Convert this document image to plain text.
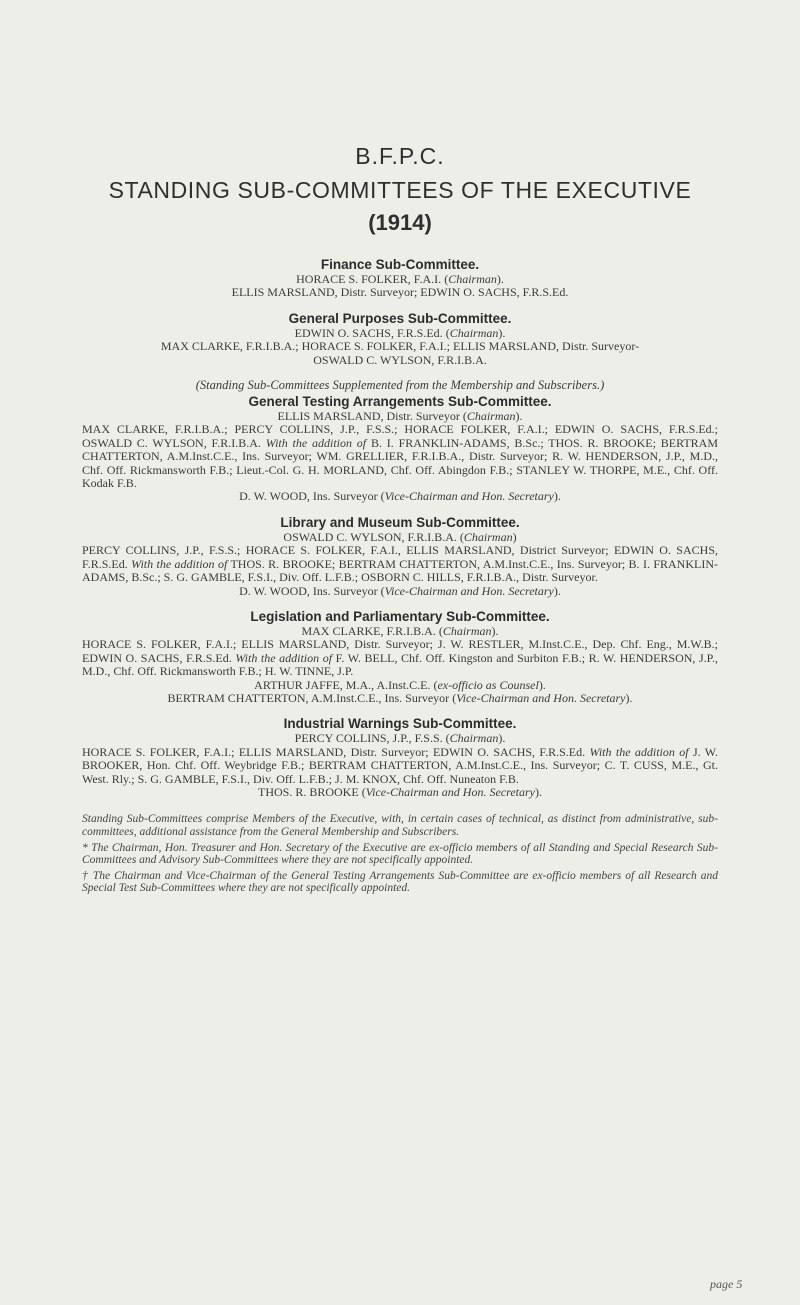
B.F.P.C.
STANDING SUB-COMMITTEES OF THE EXECUTIVE
(1914)
Finance Sub-Committee.
HORACE S. FOLKER, F.A.I. (Chairman).
ELLIS MARSLAND, Distr. Surveyor; EDWIN O. SACHS, F.R.S.Ed.
General Purposes Sub-Committee.
EDWIN O. SACHS, F.R.S.Ed. (Chairman).
MAX CLARKE, F.R.I.B.A.; HORACE S. FOLKER, F.A.I.; ELLIS MARSLAND, Distr. Surveyor-
OSWALD C. WYLSON, F.R.I.B.A.
(Standing Sub-Committees Supplemented from the Membership and Subscribers.)
General Testing Arrangements Sub-Committee.
ELLIS MARSLAND, Distr. Surveyor (Chairman).
MAX CLARKE, F.R.I.B.A.; PERCY COLLINS, J.P., F.S.S.; HORACE FOLKER, F.A.I.; EDWIN O. SACHS, F.R.S.Ed.; OSWALD C. WYLSON, F.R.I.B.A. With the addition of B. I. FRANKLIN-ADAMS, B.Sc.; THOS. R. BROOKE; BERTRAM CHATTERTON, A.M.Inst.C.E., Ins. Surveyor; WM. GRELLIER, F.R.I.B.A., Distr. Surveyor; R. W. HENDERSON, J.P., M.D., Chf. Off. Rickmansworth F.B.; Lieut.-Col. G. H. MORLAND, Chf. Off. Abingdon F.B.; STANLEY W. THORPE, M.E., Chf. Off. Kodak F.B.
D. W. WOOD, Ins. Surveyor (Vice-Chairman and Hon. Secretary).
Library and Museum Sub-Committee.
OSWALD C. WYLSON, F.R.I.B.A. (Chairman)
PERCY COLLINS, J.P., F.S.S.; HORACE S. FOLKER, F.A.I., ELLIS MARSLAND, District Surveyor; EDWIN O. SACHS, F.R.S.Ed. With the addition of THOS. R. BROOKE; BERTRAM CHATTERTON, A.M.Inst.C.E., Ins. Surveyor; B. I. FRANKLIN-ADAMS, B.Sc.; S. G. GAMBLE, F.S.I., Div. Off. L.F.B.; OSBORN C. HILLS, F.R.I.B.A., Distr. Surveyor.
D. W. WOOD, Ins. Surveyor (Vice-Chairman and Hon. Secretary).
Legislation and Parliamentary Sub-Committee.
MAX CLARKE, F.R.I.B.A. (Chairman).
HORACE S. FOLKER, F.A.I.; ELLIS MARSLAND, Distr. Surveyor; J. W. RESTLER, M.Inst.C.E., Dep. Chf. Eng., M.W.B.; EDWIN O. SACHS, F.R.S.Ed. With the addition of F. W. BELL, Chf. Off. Kingston and Surbiton F.B.; R. W. HENDERSON, J.P., M.D., Chf. Off. Rickmansworth F.B.; H. W. TINNE, J.P.
ARTHUR JAFFE, M.A., A.Inst.C.E. (ex-officio as Counsel).
BERTRAM CHATTERTON, A.M.Inst.C.E., Ins. Surveyor (Vice-Chairman and Hon. Secretary).
Industrial Warnings Sub-Committee.
PERCY COLLINS, J.P., F.S.S. (Chairman).
HORACE S. FOLKER, F.A.I.; ELLIS MARSLAND, Distr. Surveyor; EDWIN O. SACHS, F.R.S.Ed. With the addition of J. W. BROOKER, Hon. Chf. Off. Weybridge F.B.; BERTRAM CHATTERTON, A.M.Inst.C.E., Ins. Surveyor; C. T. CUSS, M.E., Gt. West. Rly.; S. G. GAMBLE, F.S.I., Div. Off. L.F.B.; J. M. KNOX, Chf. Off. Nuneaton F.B.
THOS. R. BROOKE (Vice-Chairman and Hon. Secretary).

Standing Sub-Committees comprise Members of the Executive, with, in certain cases of technical, as distinct from administrative, sub-committees, additional assistance from the General Membership and Subscribers.

* The Chairman, Hon. Treasurer and Hon. Secretary of the Executive are ex-officio members of all Standing and Special Research Sub-Committees and Advisory Sub-Committees where they are not specifically appointed.

† The Chairman and Vice-Chairman of the General Testing Arrangements Sub-Committee are ex-officio members of all Research and Special Test Sub-Committees where they are not specifically appointed.

page 5
